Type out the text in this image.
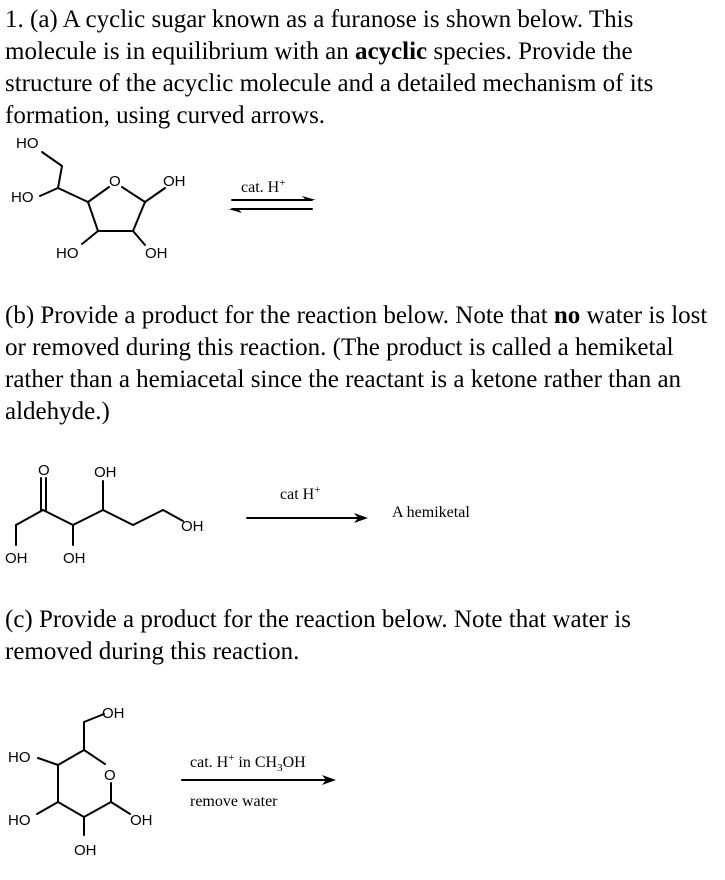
1. (a) A cyclic sugar known as a furanose is shown below. This molecule is in equilibrium with an acyclic species. Provide the structure of the acyclic molecule and a detailed mechanism of its formation, using curved arrows.

HO
HO
O	OH
HO	OH
cat. H+

(b) Provide a product for the reaction below. Note that no water is lost or removed during this reaction. (The product is called a hemiketal rather than a hemiacetal since the reactant is a ketone rather than an aldehyde.)

O	OH
OH
OH OH
cat H+
A hemiketal

(c) Provide a product for the reaction below. Note that water is removed during this reaction.

OH
HO
O
HO	OH
OH
cat. H+ in $CH_3OH$
remove water
